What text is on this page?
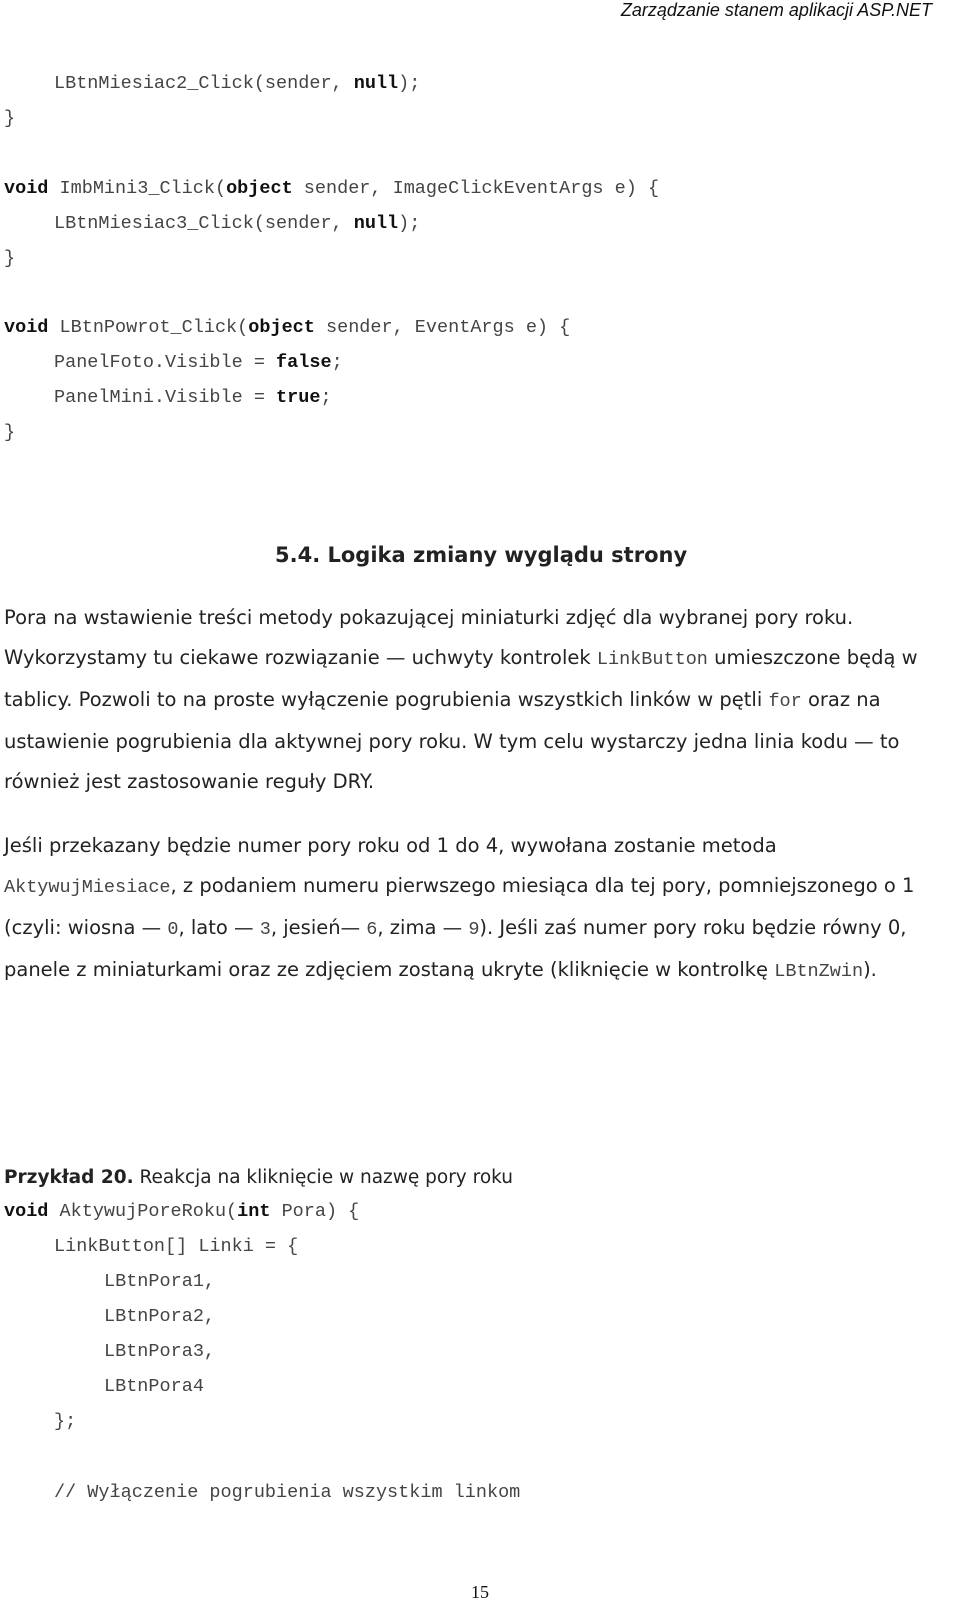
Zarządzanie stanem aplikacji ASP.NET
LBtnMiesiac2_Click(sender, null);
}
void ImbMini3_Click(object sender, ImageClickEventArgs e) {
LBtnMiesiac3_Click(sender, null);
}
void LBtnPowrot_Click(object sender, EventArgs e) {
PanelFoto.Visible = false;
PanelMini.Visible = true;
}
5.4. Logika zmiany wyglądu strony
Pora na wstawienie treści metody pokazującej miniaturki zdjęć dla wybranej pory roku. Wykorzystamy tu ciekawe rozwiązanie — uchwyty kontrolek LinkButton umieszczone będą w tablicy. Pozwoli to na proste wyłączenie pogrubienia wszystkich linków w pętli for oraz na ustawienie pogrubienia dla aktywnej pory roku. W tym celu wystarczy jedna linia kodu — to również jest zastosowanie reguły DRY.
Jeśli przekazany będzie numer pory roku od 1 do 4, wywołana zostanie metoda AktywujMiesiace, z podaniem numeru pierwszego miesiąca dla tej pory, pomniejszonego o 1 (czyli: wiosna — 0, lato — 3, jesień— 6, zima — 9). Jeśli zaś numer pory roku będzie równy 0, panele z miniaturkami oraz ze zdjęciem zostaną ukryte (kliknięcie w kontrolkę LBtnZwin).
Przykład 20. Reakcja na kliknięcie w nazwę pory roku
void AktywujPoreRoku(int Pora) {
LinkButton[] Linki = {
LBtnPora1,
LBtnPora2,
LBtnPora3,
LBtnPora4
};
// Wyłączenie pogrubienia wszystkim linkom
15
